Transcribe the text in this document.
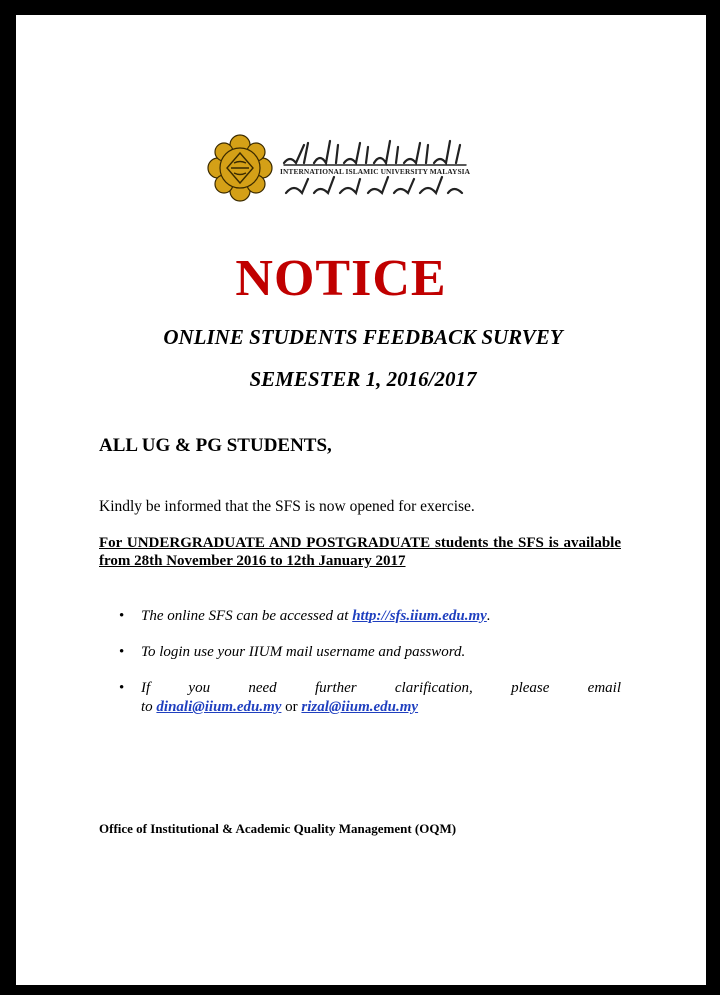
INTERNATIONAL ISLAMIC UNIVERSITY MALAYSIA
NOTICE
ONLINE STUDENTS FEEDBACK SURVEY
SEMESTER 1, 2016/2017
ALL UG & PG STUDENTS,
Kindly be informed that the SFS is now opened for exercise.
For UNDERGRADUATE AND POSTGRADUATE students the SFS is available from 28th November 2016 to 12th January 2017
• The online SFS can be accessed at http://sfs.iium.edu.my.
• To login use your IIUM mail username and password.
• If you need further clarification, please email
to dinali@iium.edu.my or rizal@iium.edu.my
Office of Institutional & Academic Quality Management (OQM)
